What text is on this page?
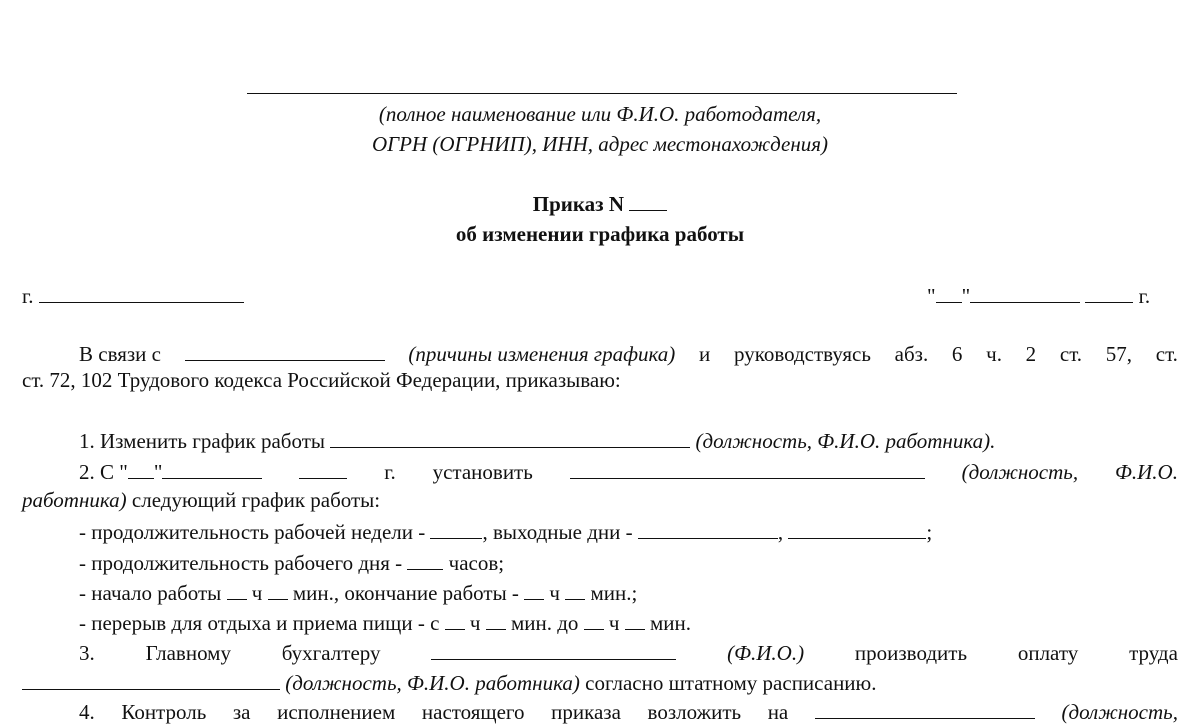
(полное наименование или Ф.И.О. работодателя,
ОГРН (ОГРНИП), ИНН, адрес местонахождения)
Приказ N
об изменении графика работы
г.	" "	г.
В связи с	(причины изменения графика) и руководствуясь абз. 6 ч. 2 ст. 57, ст.
ст. 72, 102 Трудового кодекса Российской Федерации, приказываю:
1. Изменить график работы	(должность, Ф.И.О. работника).
2. С " "	г. установить	(должность, Ф.И.О.
работника) следующий график работы:
- продолжительность рабочей недели -	, выходные дни -	,	;
- продолжительность рабочего дня - часов;
- начало работы ч мин., окончание работы - ч мин.;
- перерыв для отдыха и приема пищи - с ч мин. до ч мин.
3. Главному бухгалтеру	(Ф.И.О.) производить оплату труда
(должность, Ф.И.О. работника) согласно штатному расписанию.
4. Контроль за исполнением настоящего приказа возложить на	(должность,
